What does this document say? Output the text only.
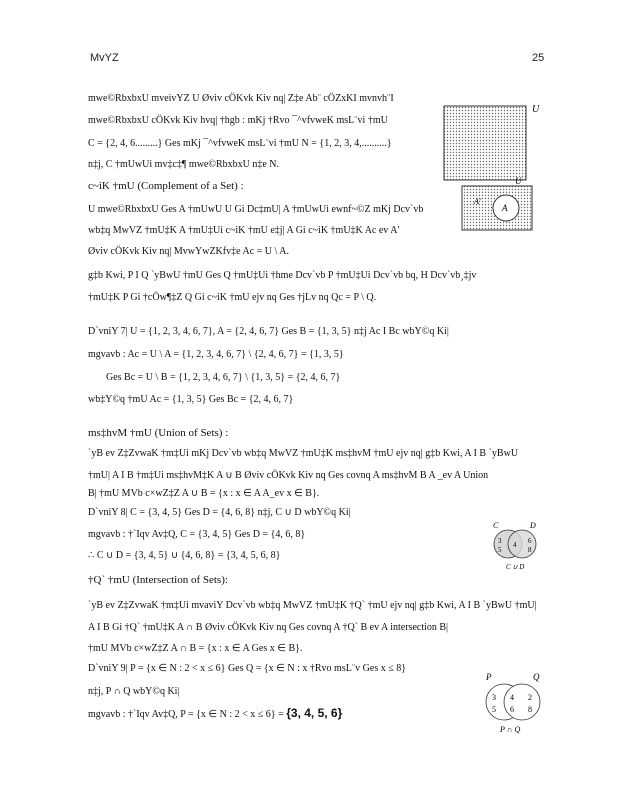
MvYZ	25
mwe©RbxbxU mveivYZ U Øviv cÖKvk Kiv nq| Z‡e Ab¨ cÖZxKI mvnvh¨I
mwe©RbxbxU cÖKvk Kiv hvq| †hgb : mKj †Rvo ¯^vfvweK msL¨vi †mU
C = {2, 4, 6.........} Ges mKj ¯^vfvweK msL¨vi †mU N = {1, 2, 3, 4,..........}
n‡j, C †mUwUi mv‡c‡¶ mwe©RbxbxU n‡e N.
c~iK †mU (Complement of a Set) :
U mwe©RbxbxU Ges A †mUwU U Gi Dc‡mU| A †mUwUi ewnf~©Z mKj Dcv`vb
wb‡q MwVZ †mU‡K A †mU‡Ui c~iK †mU e‡j| A Gi c~iK †mU‡K Ac ev A'
Øviv cÖKvk Kiv nq| MvwYwZKfv‡e Ac = U \ A.
g‡b Kwi, P I Q `yBwU †mU Ges Q †mU‡Ui †hme Dcv`vb P †mU‡Ui Dcv`vb bq, H Dcv`vb¸‡jv
†mU‡K P Gi †cÖw¶‡Z Q Gi c~iK †mU ejv nq Ges †jLv nq Qc = P \ Q.
D`vniY 7| U = {1, 2, 3, 4, 6, 7}, A = {2, 4, 6, 7} Ges B = {1, 3, 5} n‡j Ac I Bc wbY©q Ki|
mgvavb : Ac = U \ A = {1, 2, 3, 4, 6, 7} \ {2, 4, 6, 7} = {1, 3, 5}
Ges Bc = U \ B = {1, 2, 3, 4, 6, 7} \ {1, 3, 5} = {2, 4, 6, 7}
wb‡Y©q †mU Ac = {1, 3, 5} Ges Bc = {2, 4, 6, 7}
ms‡hvM †mU (Union of Sets) :
`yB ev Z‡ZvwaK †m‡Ui mKj Dcv`vb wb‡q MwVZ †mU‡K ms‡hvM †mU ejv nq| g‡b Kwi, A I B `yBwU
†mU| A I B †m‡Ui ms‡hvM‡K A ∪ B Øviv cÖKvk Kiv nq Ges covnq A ms‡hvM B A _ev A Union
B| †mU MVb c×wZ‡Z A ∪ B = {x : x ∈ A A_ev x ∈ B}.
D`vniY 8| C = {3, 4, 5} Ges D = {4, 6, 8} n‡j, C ∪ D wbY©q Ki|
mgvavb : †`Iqv Av‡Q, C = {3, 4, 5} Ges D = {4, 6, 8}
∴ C ∪ D = {3, 4, 5} ∪ {4, 6, 8} = {3, 4, 5, 6, 8}
†Q` †mU (Intersection of Sets):
`yB ev Z‡ZvwaK †m‡Ui mvaviY Dcv`vb wb‡q MwVZ †mU‡K †Q` †mU ejv nq| g‡b Kwi, A I B `yBwU †mU|
A I B Gi †Q` †mU‡K A ∩ B Øviv cÖKvk Kiv nq Ges covnq A †Q` B ev A intersection B|
†mU MVb c×wZ‡Z A ∩ B = {x : x ∈ A Ges x ∈ B}.
D`vniY 9| P = {x ∈ N : 2 < x ≤ 6} Ges Q = {x ∈ N : x †Rvo msL¨v Ges x ≤ 8}
n‡j, P ∩ Q wbY©q Ki|
mgvavb : †`Iqv Av‡Q, P = {x ∈ N : 2 < x ≤ 6} = {3, 4, 5, 6}
U
U
A
A'
C	D
3
5
4 6
8
C ∪ D
P	Q
3
5
4
6
2
8
P ∩ Q
